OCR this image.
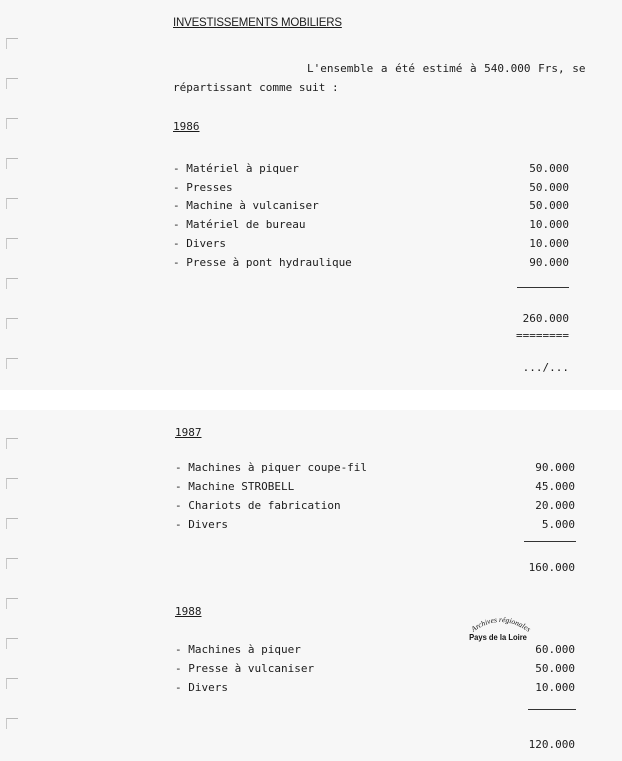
INVESTISSEMENTS MOBILIERS
L'ensemble a été estimé à 540.000 Frs, se
répartissant comme suit :
1986
- Matériel à piquer	50.000
- Presses	50.000
- Machine à vulcaniser	50.000
- Matériel de bureau	10.000
- Divers	10.000
- Presse à pont hydraulique	90.000
260.000
========
.../...
1987
- Machines à piquer coupe-fil	90.000
- Machine STROBELL	45.000
- Chariots de fabrication	20.000
- Divers	5.000
160.000
1988
- Machines à piquer	60.000
- Presse à vulcaniser	50.000
- Divers	10.000
120.000
Archives régionales
Pays de la Loire
